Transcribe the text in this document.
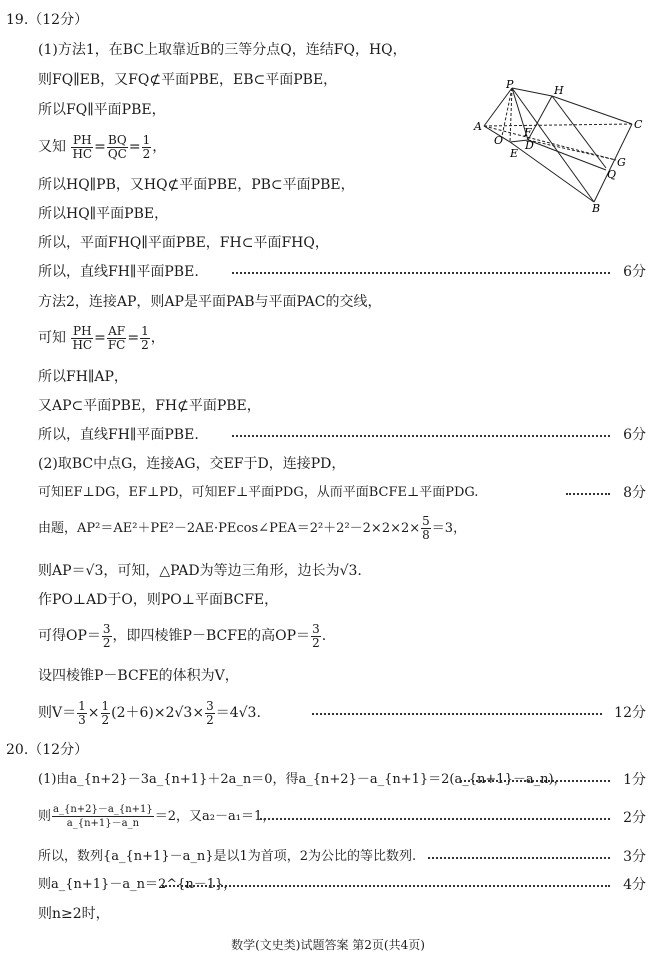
19.（12分）
(1)方法1，在BC上取靠近B的三等分点Q，连结FQ，HQ，
则FQ∥EB，又FQ⊄平面PBE，EB⊂平面PBE，
所以FQ∥平面PBE，
又知 $\frac{PH}{HC} = \frac{BQ}{QC} = \frac{1}{2}$ ，
所以HQ∥PB，又HQ⊄平面PBE，PB⊂平面PBE，
所以HQ∥平面PBE，
所以，平面FHQ∥平面PBE，FH⊂平面FHQ，
所以，直线FH∥平面PBE.	6分
方法2，连接AP，则AP是平面PAB与平面PAC的交线，
可知 $\frac{PH}{HC} = \frac{AF}{FC} = \frac{1}{2}$ ，
所以FH∥AP，
又AP⊂平面PBE，FH⊄平面PBE，
所以，直线FH∥平面PBE.	6分
(2)取BC中点G，连接AG，交EF于D，连接PD，
可知EF⊥DG，EF⊥PD，可知EF⊥平面PDG，从而平面BCFE⊥平面PDG.	8分
由题，AP²＝AE²＋PE²－2AE·PEcos∠PEA＝2²＋2²－2×2×2× $\frac{5}{8} =3$，
则AP＝√3，可知，△PAD为等边三角形，边长为√3.
作PO⊥AD于O，则PO⊥平面BCFE，
可得$OP= \frac{3}{2}$ ，即四棱锥P－BCFE的高$OP= \frac{3}{2}$ .
设四棱锥P－BCFE的体积为V，
则$V= \frac{1}{3} \times \frac{1}{2} (2+6)\times 2√3\times \frac{3}{2} =4√3$.	12分
20.（12分）
(1)由a_{n+2}－3a_{n+1}＋2a_n＝0，得a_{n+2}－a_{n+1}＝2(a_{n+1}－a_n)，	1分
则 $\frac{a\_\{n+2\}-a\_\{n+1\}}{a\_\{n+1\}-a\_n} =2$，又a₂－a₁＝1，	2分
所以，数列{a_{n+1}－a_n}是以1为首项，2为公比的等比数列.	3分
则a_{n+1}－a_n＝2^{n－1}，	4分
则n≥2时，
P	H
A	C
O
F
E
D
G
Q
B
数学(文史类)试题答案 第2页(共4页)
